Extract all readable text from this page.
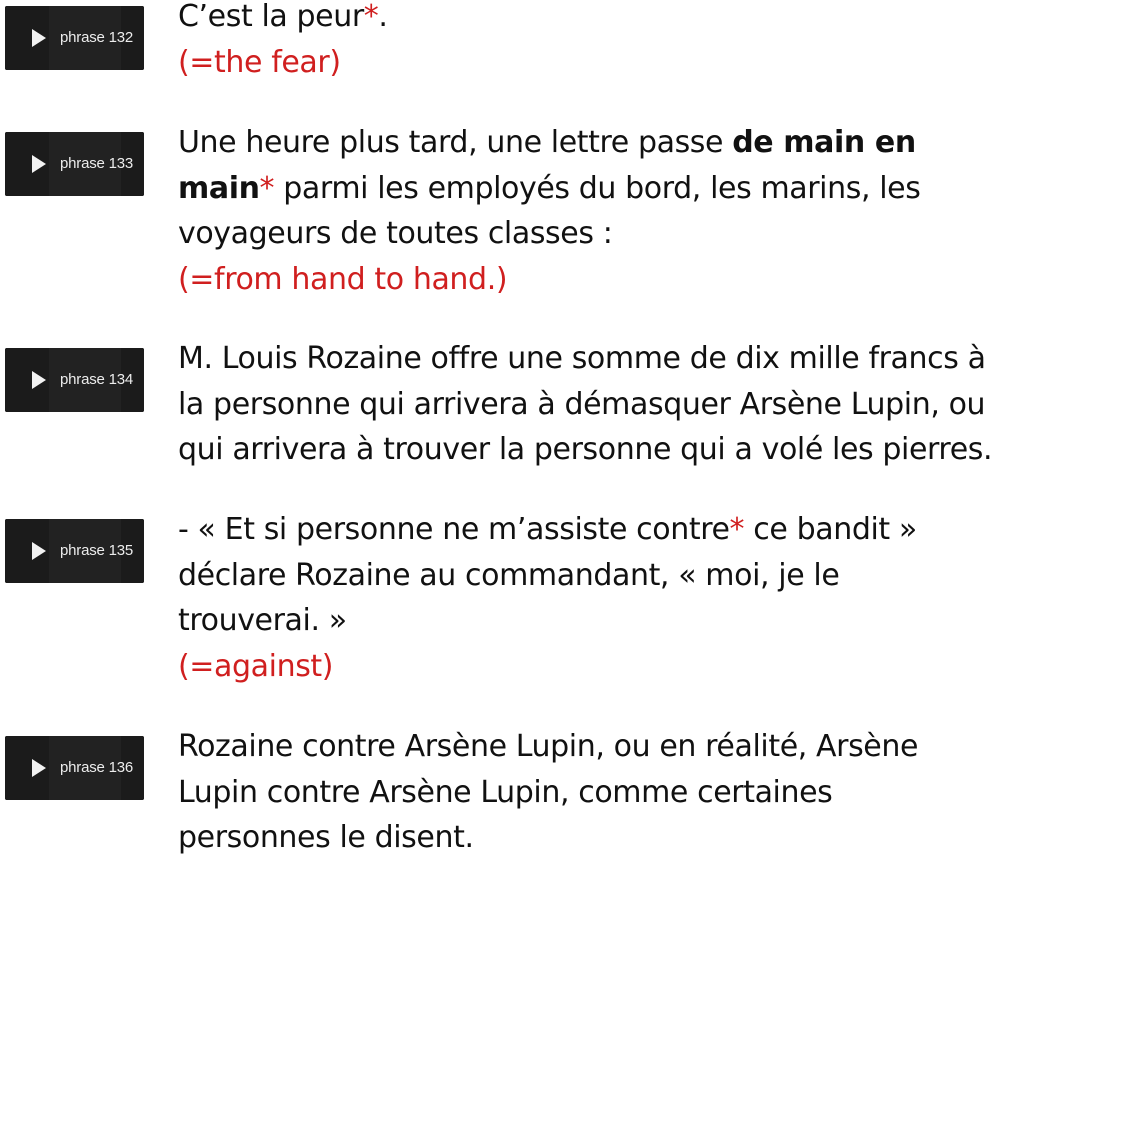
phrase 132
C’est la peur*.
(=the fear)
phrase 133
Une heure plus tard, une lettre passe de main en
main* parmi les employés du bord, les marins, les
voyageurs de toutes classes :
(=from hand to hand.)
phrase 134
M. Louis Rozaine offre une somme de dix mille francs à
la personne qui arrivera à démasquer Arsène Lupin, ou
qui arrivera à trouver la personne qui a volé les pierres.
phrase 135
- « Et si personne ne m’assiste contre* ce bandit »
déclare Rozaine au commandant, « moi, je le
trouverai. »
(=against)
phrase 136
Rozaine contre Arsène Lupin, ou en réalité, Arsène
Lupin contre Arsène Lupin, comme certaines
personnes le disent.
